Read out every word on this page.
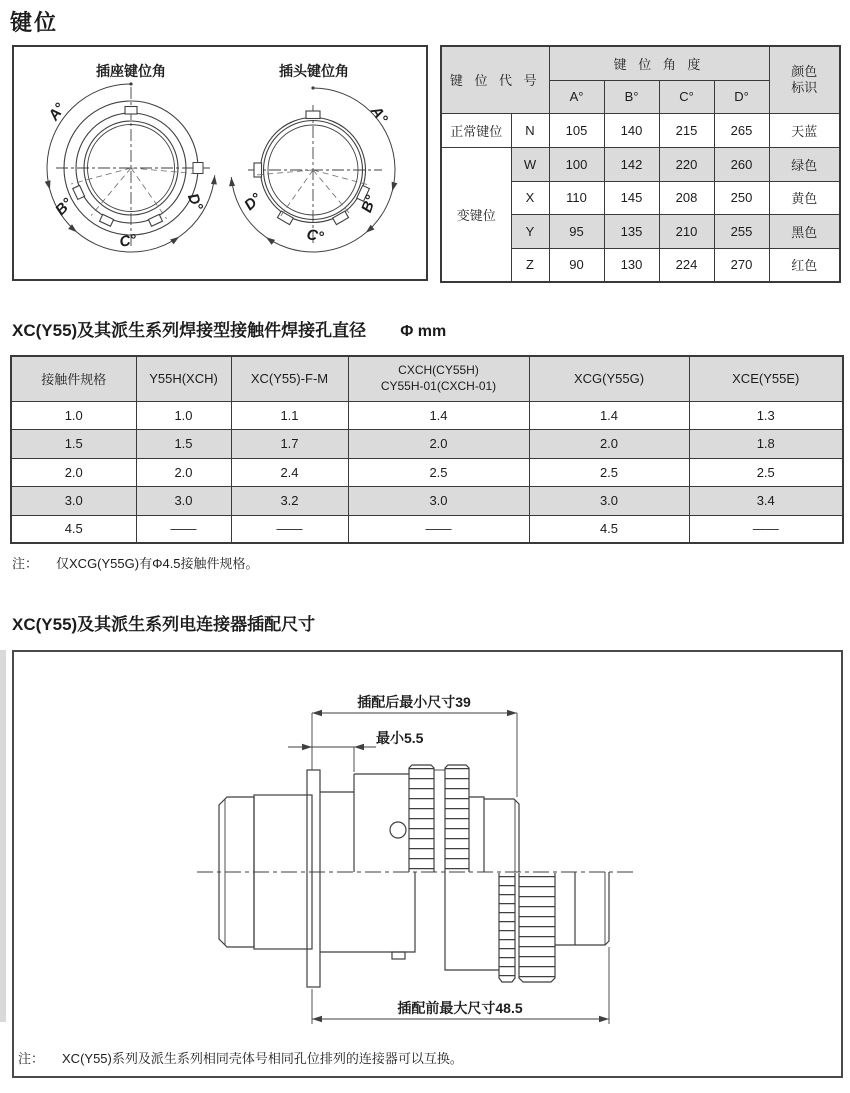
键位
插座键位角	插头键位角
A°
B°
C°
D°
A°
B°
C°
D°
键 位 代 号		键 位 角 度				颜色
标识

		A°	B°	C°	D°	
正常键位	N	105	140	215	265	天蓝
变键位	W	100	142	220	260	绿色
	X	110	145	208	250	黄色
	Y	95	135	210	255	黑色
	Z	90	130	224	270	红色
XC(Y55)及其派生系列焊接型接触件焊接孔直径 Φ mm
接触件规格	Y55H(XCH)	XC(Y55)-F-M	CXCH(CY55H)
CY55H-01(CXCH-01)	XCG(Y55G)	XCE(Y55E)
1.0	1.0	1.1	1.4	1.4	1.3
1.5	1.5	1.7	2.0	2.0	1.8
2.0	2.0	2.4	2.5	2.5	2.5
3.0	3.0	3.2	3.0	3.0	3.4
4.5	——	——	——	4.5	——
注： 仅XCG(Y55G)有Φ4.5接触件规格。
XC(Y55)及其派生系列电连接器插配尺寸
插配后最小尺寸39
最小5.5
插配前最大尺寸48.5
注： XC(Y55)系列及派生系列相同壳体号相同孔位排列的连接器可以互换。
